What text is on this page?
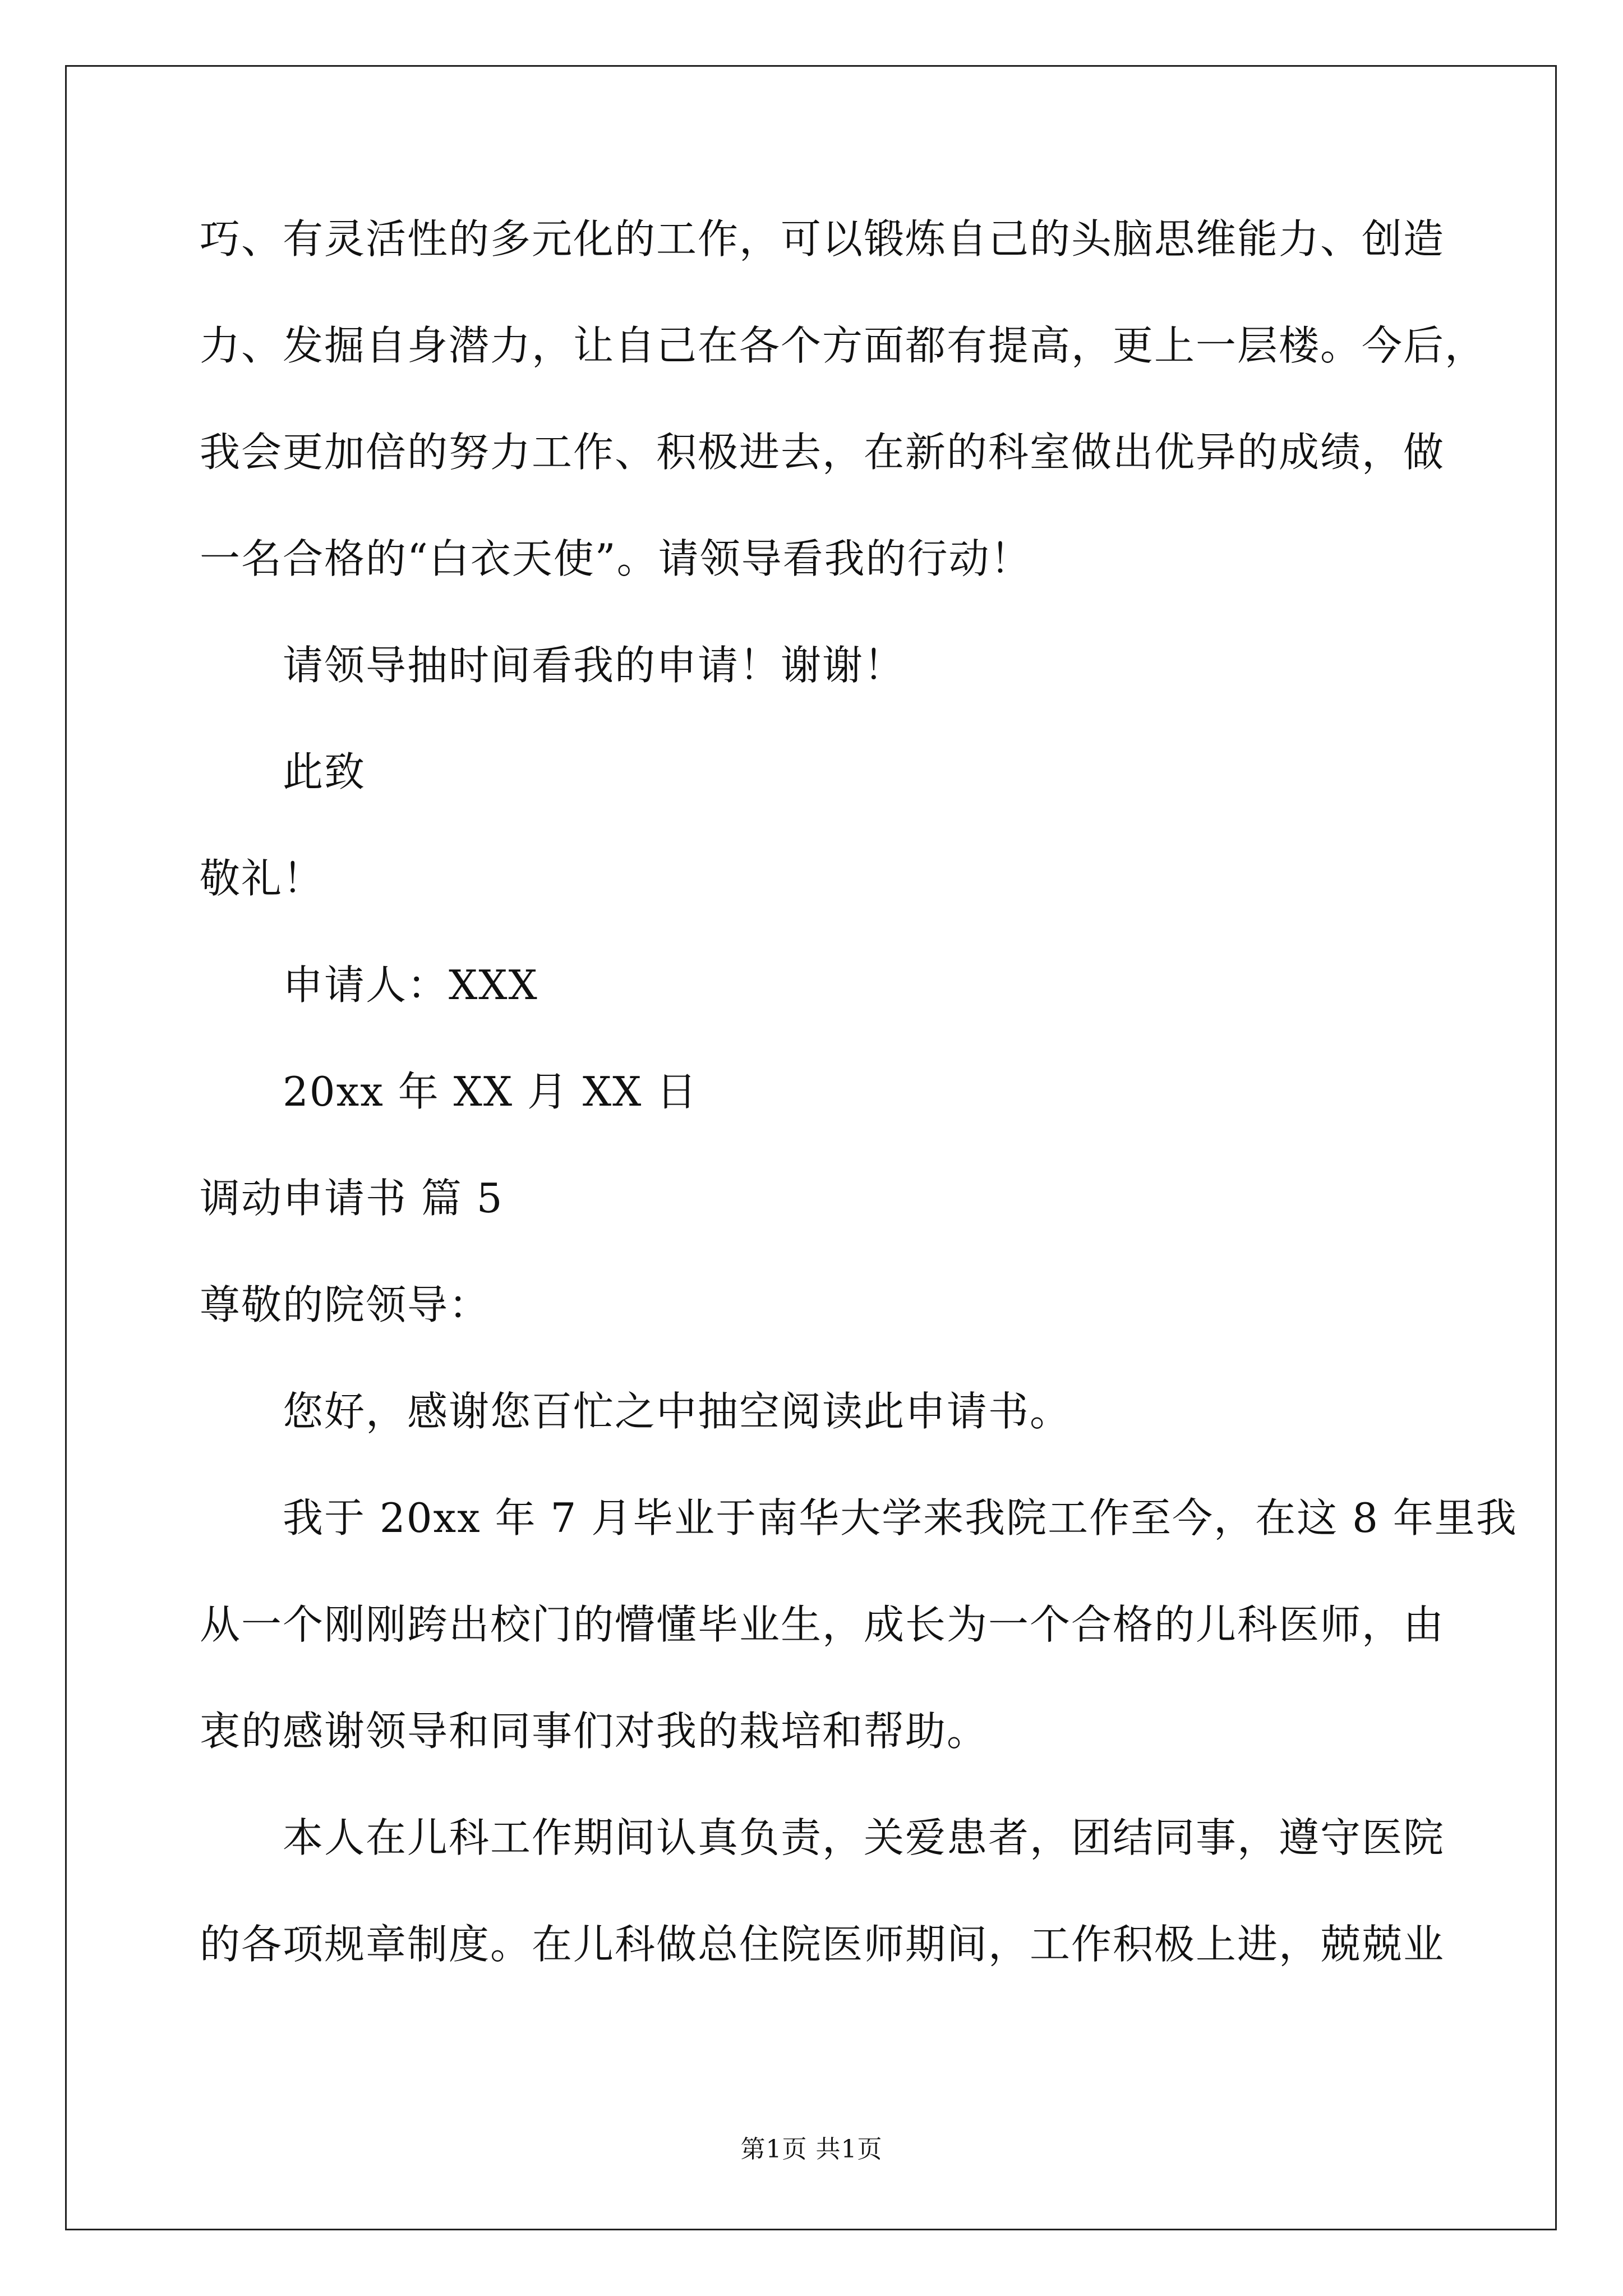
巧、有灵活性的多元化的工作，可以锻炼自己的头脑思维能力、创造
力、发掘自身潜力，让自己在各个方面都有提高，更上一层楼。今后，
我会更加倍的努力工作、积极进去，在新的科室做出优异的成绩，做
一名合格的“白衣天使”。请领导看我的行动！
请领导抽时间看我的申请！谢谢！
此致
敬礼！
申请人：XXX
20xx 年 XX 月 XX 日
调动申请书 篇 5
尊敬的院领导：
您好，感谢您百忙之中抽空阅读此申请书。
我于 20xx 年 7 月毕业于南华大学来我院工作至今，在这 8 年里我
从一个刚刚跨出校门的懵懂毕业生，成长为一个合格的儿科医师，由
衷的感谢领导和同事们对我的栽培和帮助。
本人在儿科工作期间认真负责，关爱患者，团结同事，遵守医院
的各项规章制度。在儿科做总住院医师期间，工作积极上进，兢兢业
第1页 共1页
